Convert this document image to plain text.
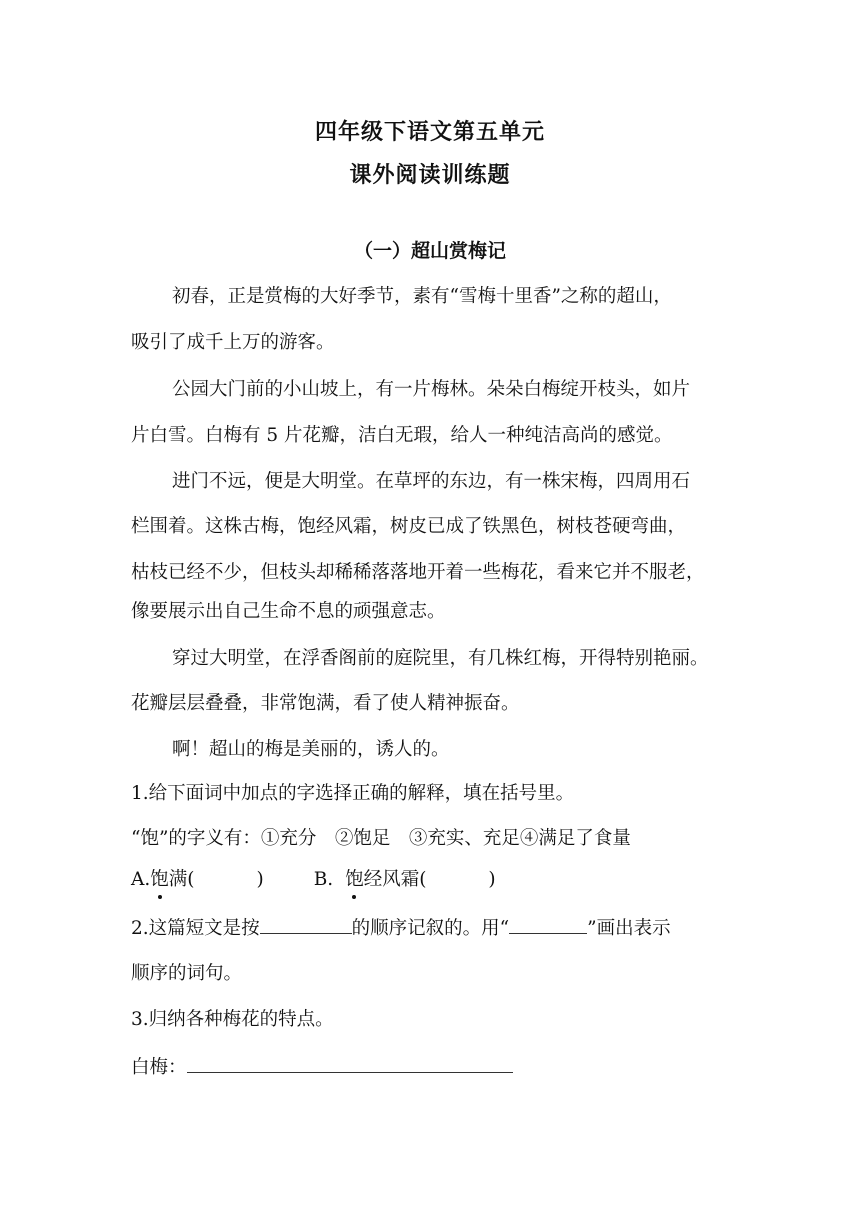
四年级下语文第五单元
课外阅读训练题
（一）超山赏梅记
初春，正是赏梅的大好季节，素有“雪梅十里香”之称的超山，
吸引了成千上万的游客。
公园大门前的小山坡上，有一片梅林。朵朵白梅绽开枝头，如片
片白雪。白梅有 5 片花瓣，洁白无瑕，给人一种纯洁高尚的感觉。
进门不远，便是大明堂。在草坪的东边，有一株宋梅，四周用石
栏围着。这株古梅，饱经风霜，树皮已成了铁黑色，树枝苍硬弯曲，
枯枝已经不少，但枝头却稀稀落落地开着一些梅花，看来它并不服老，
像要展示出自己生命不息的顽强意志。
穿过大明堂，在浮香阁前的庭院里，有几株红梅，开得特别艳丽。
花瓣层层叠叠，非常饱满，看了使人精神振奋。
啊！超山的梅是美丽的，诱人的。
1.给下面词中加点的字选择正确的解释，填在括号里。
“饱”的字义有：①充分　②饱足　③充实、充足④满足了食量
A.饱满(	)	B. 饱经风霜(	)
2.这篇短文是按	的顺序记叙的。用“	”画出表示
顺序的词句。
3.归纳各种梅花的特点。
白梅：
